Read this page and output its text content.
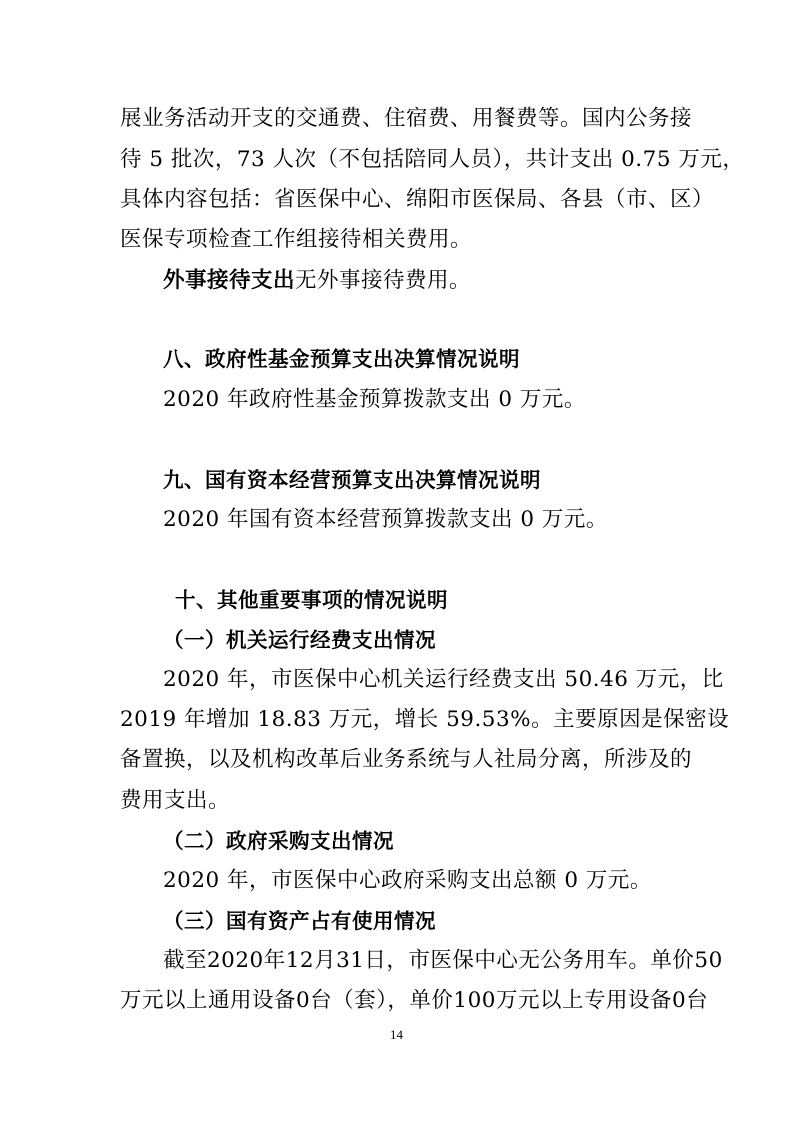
展业务活动开支的交通费、住宿费、用餐费等。国内公务接
待 5 批次，73 人次（不包括陪同人员），共计支出 0.75 万元，
具体内容包括：省医保中心、绵阳市医保局、各县（市、区）
医保专项检查工作组接待相关费用。
外事接待支出无外事接待费用。
八、政府性基金预算支出决算情况说明
2020 年政府性基金预算拨款支出 0 万元。
九、国有资本经营预算支出决算情况说明
2020 年国有资本经营预算拨款支出 0 万元。
十、其他重要事项的情况说明
（一）机关运行经费支出情况
2020 年，市医保中心机关运行经费支出 50.46 万元，比
2019 年增加 18.83 万元，增长 59.53%。主要原因是保密设
备置换，以及机构改革后业务系统与人社局分离，所涉及的
费用支出。
（二）政府采购支出情况
2020 年，市医保中心政府采购支出总额 0 万元。
（三）国有资产占有使用情况
截至2020年12月31日，市医保中心无公务用车。单价50
万元以上通用设备0台（套），单价100万元以上专用设备0台
14
